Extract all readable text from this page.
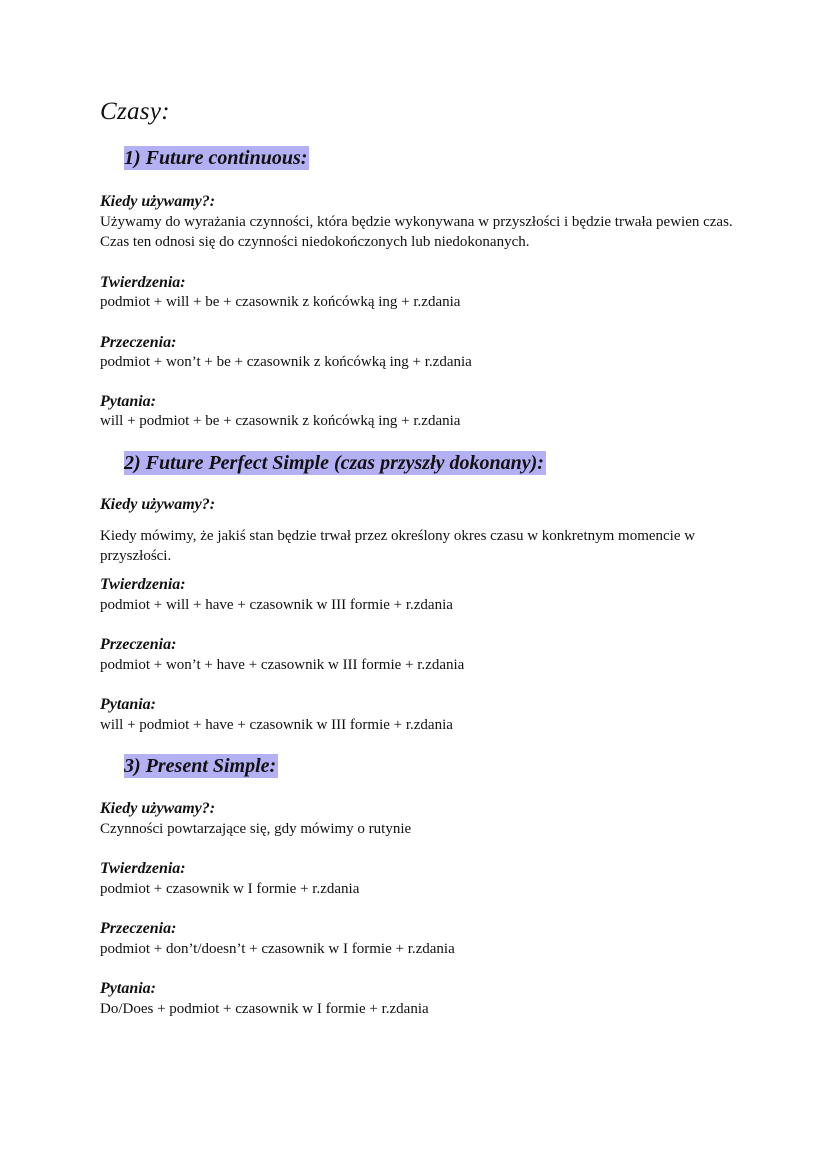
Czasy:
1) Future continuous:

Kiedy używamy?:

Używamy do wyrażania czynności, która będzie wykonywana w przyszłości i będzie trwała pewien czas. Czas ten odnosi się do czynności niedokończonych lub niedokonanych.

Twierdzenia:

podmiot + will + be + czasownik z końcówką ing + r.zdania

Przeczenia:

podmiot + won’t + be + czasownik z końcówką ing + r.zdania

Pytania:

will + podmiot + be + czasownik z końcówką ing + r.zdania

2) Future Perfect Simple (czas przyszły dokonany):

Kiedy używamy?:

Kiedy mówimy, że jakiś stan będzie trwał przez określony okres czasu w konkretnym momencie w przyszłości.

Twierdzenia:

podmiot + will + have + czasownik w III formie + r.zdania

Przeczenia:

podmiot + won’t + have + czasownik w III formie + r.zdania

Pytania:

will + podmiot + have + czasownik w III formie + r.zdania

3) Present Simple:

Kiedy używamy?:

Czynności powtarzające się, gdy mówimy o rutynie

Twierdzenia:

podmiot + czasownik w I formie + r.zdania

Przeczenia:

podmiot + don’t/doesn’t + czasownik w I formie + r.zdania

Pytania:

Do/Does + podmiot + czasownik w I formie + r.zdania
